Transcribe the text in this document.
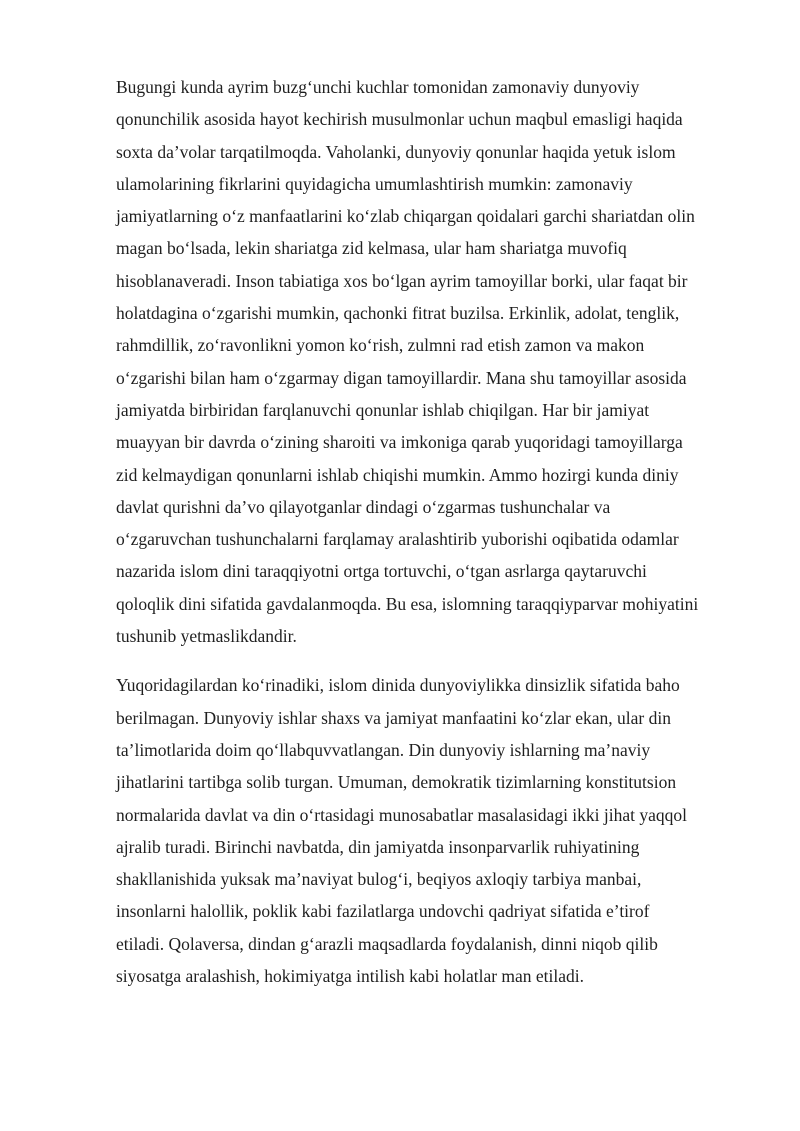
Bugungi kunda ayrim buzg‘unchi kuchlar tomonidan zamonaviy dunyoviy
qonunchilik asosida hayot kechirish musulmonlar uchun maqbul emasligi haqida
soxta da’volar tarqatilmoqda. Vaholanki, dunyoviy qonunlar haqida yetuk islom
ulamolarining fikrlarini quyidagicha umumlashtirish mumkin: zamonaviy
jamiyatlarning o‘z manfaatlarini ko‘zlab chiqargan qoidalari garchi shariatdan olin
magan bo‘lsada, lekin shariatga zid kelmasa, ular ham shariatga muvofiq
hisoblanaveradi. Inson tabiatiga xos bo‘lgan ayrim tamoyillar borki, ular faqat bir
holatdagina o‘zgarishi mumkin, qachonki fitrat buzilsa. Erkinlik, adolat, tenglik,
rahmdillik, zo‘ravonlikni yomon ko‘rish, zulmni rad etish zamon va makon
o‘zgarishi bilan ham o‘zgarmay digan tamoyillardir. Mana shu tamoyillar asosida
jamiyatda birbiridan farqlanuvchi qonunlar ishlab chiqilgan. Har bir jamiyat
muayyan bir davrda o‘zining sharoiti va imkoniga qarab yuqoridagi tamoyillarga
zid kelmaydigan qonunlarni ishlab chiqishi mumkin. Ammo hozirgi kunda diniy
davlat qurishni da’vo qilayotganlar dindagi o‘zgarmas tushunchalar va
o‘zgaruvchan tushunchalarni farqlamay aralashtirib yuborishi oqibatida odamlar
nazarida islom dini taraqqiyotni ortga tortuvchi, o‘tgan asrlarga qaytaruvchi
qoloqlik dini sifatida gavdalanmoqda. Bu esa, islomning taraqqiyparvar mohiyatini
tushunib yetmaslikdandir.

Yuqoridagilardan ko‘rinadiki, islom dinida dunyoviylikka dinsizlik sifatida baho
berilmagan. Dunyoviy ishlar shaxs va jamiyat manfaatini ko‘zlar ekan, ular din
ta’limotlarida doim qo‘llabquvvatlangan. Din dunyoviy ishlarning ma’naviy
jihatlarini tartibga solib turgan. Umuman, demokratik tizimlarning konstitutsion
normalarida davlat va din o‘rtasidagi munosabatlar masalasidagi ikki jihat yaqqol
ajralib turadi. Birinchi navbatda, din jamiyatda insonparvarlik ruhiyatining
shakllanishida yuksak ma’naviyat bulog‘i, beqiyos axloqiy tarbiya manbai,
insonlarni halollik, poklik kabi fazilatlarga undovchi qadriyat sifatida e’tirof
etiladi. Qolaversa, dindan g‘arazli maqsadlarda foydalanish, dinni niqob qilib
siyosatga aralashish, hokimiyatga intilish kabi holatlar man etiladi.
